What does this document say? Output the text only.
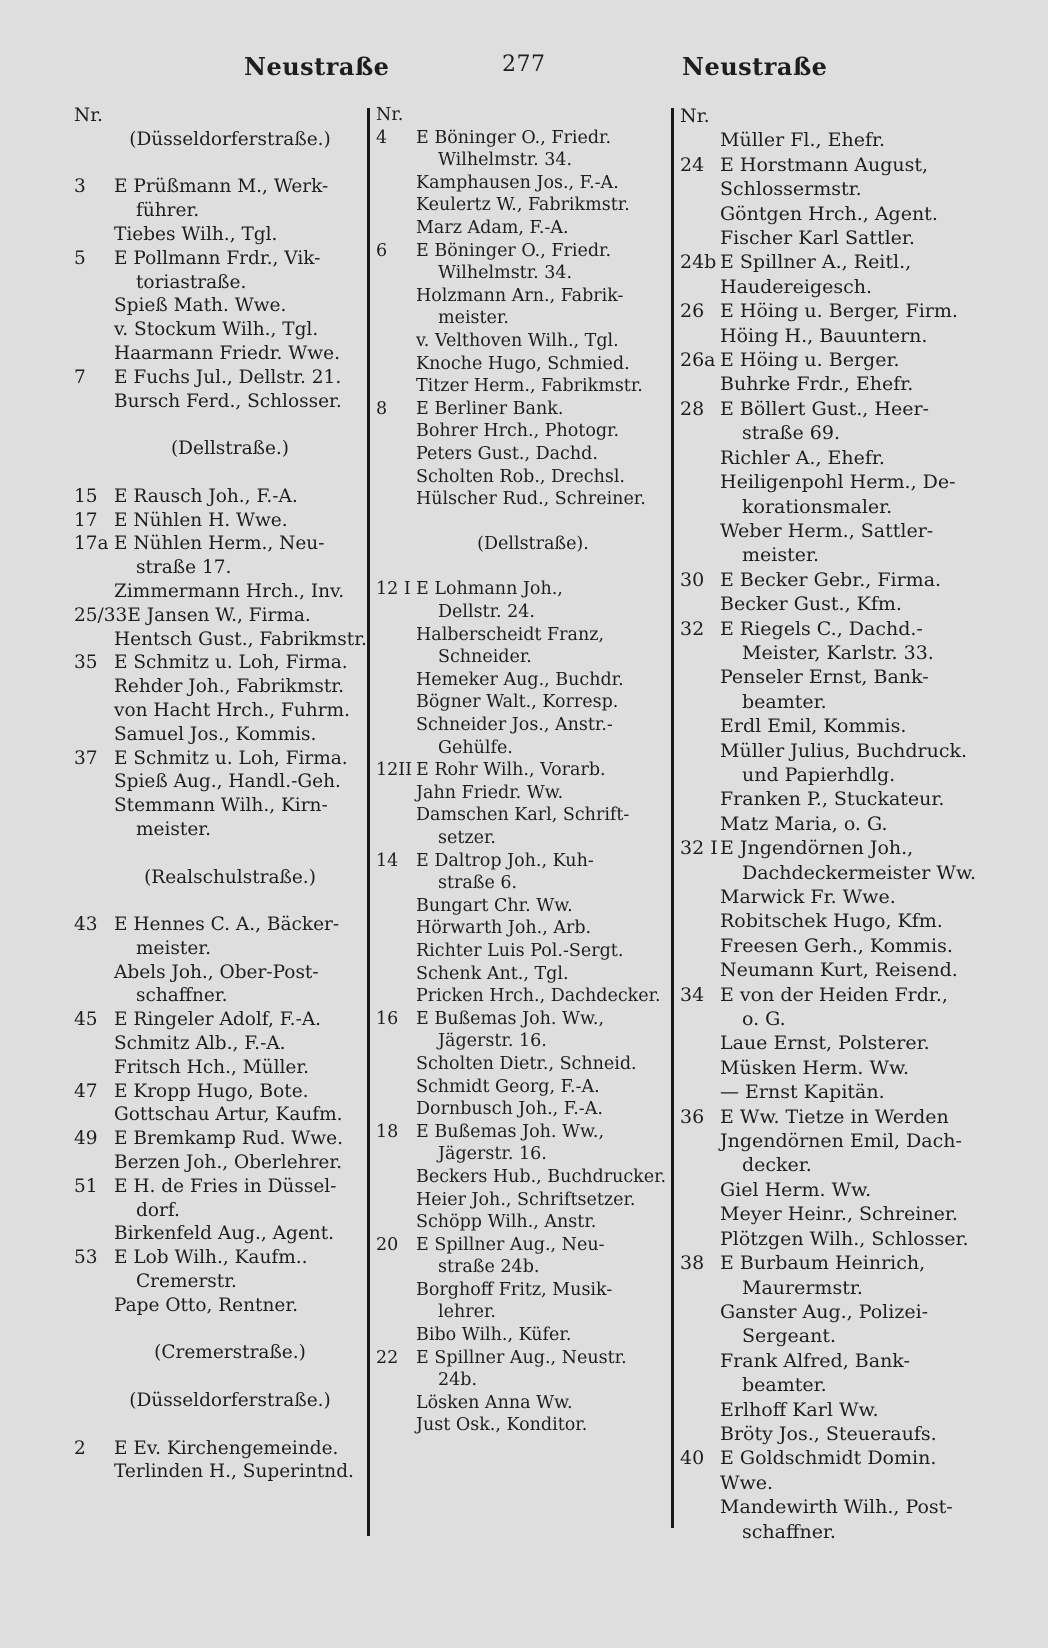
Neustraße	277	Neustraße
Nr.
(Düsseldorferstraße.)
3 E Prüßmann M., Werk-
führer.
Tiebes Wilh., Tgl.
5 E Pollmann Frdr., Vik-
toriastraße.
Spieß Math. Wwe.
v. Stockum Wilh., Tgl.
Haarmann Friedr. Wwe.
7 E Fuchs Jul., Dellstr. 21.
Bursch Ferd., Schlosser.
(Dellstraße.)
15 E Rausch Joh., F.-A.
17 E Nühlen H. Wwe.
17a E Nühlen Herm., Neu-
straße 17.
Zimmermann Hrch., Inv.
25/33E Jansen W., Firma.
Hentsch Gust., Fabrikmstr.
35 E Schmitz u. Loh, Firma.
Rehder Joh., Fabrikmstr.
von Hacht Hrch., Fuhrm.
Samuel Jos., Kommis.
37 E Schmitz u. Loh, Firma.
Spieß Aug., Handl.-Geh.
Stemmann Wilh., Kirn-
meister.
(Realschulstraße.)
43 E Hennes C. A., Bäcker-
meister.
Abels Joh., Ober-Post-
schaffner.
45 E Ringeler Adolf, F.-A.
Schmitz Alb., F.-A.
Fritsch Hch., Müller.
47 E Kropp Hugo, Bote.
Gottschau Artur, Kaufm.
49 E Bremkamp Rud. Wwe.
Berzen Joh., Oberlehrer.
51 E H. de Fries in Düssel-
dorf.
Birkenfeld Aug., Agent.
53 E Lob Wilh., Kaufm..
Cremerstr.
Pape Otto, Rentner.
(Cremerstraße.)
(Düsseldorferstraße.)
2 E Ev. Kirchengemeinde.
Terlinden H., Superintnd.
Nr.
4 E Böninger O., Friedr.
Wilhelmstr. 34.
Kamphausen Jos., F.-A.
Keulertz W., Fabrikmstr.
Marz Adam, F.-A.
6 E Böninger O., Friedr.
Wilhelmstr. 34.
Holzmann Arn., Fabrik-
meister.
v. Velthoven Wilh., Tgl.
Knoche Hugo, Schmied.
Titzer Herm., Fabrikmstr.
8 E Berliner Bank.
Bohrer Hrch., Photogr.
Peters Gust., Dachd.
Scholten Rob., Drechsl.
Hülscher Rud., Schreiner.
(Dellstraße).
12 I E Lohmann Joh.,
Dellstr. 24.
Halberscheidt Franz,
Schneider.
Hemeker Aug., Buchdr.
Bögner Walt., Korresp.
Schneider Jos., Anstr.-
Gehülfe.
12II E Rohr Wilh., Vorarb.
Jahn Friedr. Ww.
Damschen Karl, Schrift-
setzer.
14 E Daltrop Joh., Kuh-
straße 6.
Bungart Chr. Ww.
Hörwarth Joh., Arb.
Richter Luis Pol.-Sergt.
Schenk Ant., Tgl.
Pricken Hrch., Dachdecker.
16 E Bußemas Joh. Ww.,
Jägerstr. 16.
Scholten Dietr., Schneid.
Schmidt Georg, F.-A.
Dornbusch Joh., F.-A.
18 E Bußemas Joh. Ww.,
Jägerstr. 16.
Beckers Hub., Buchdrucker.
Heier Joh., Schriftsetzer.
Schöpp Wilh., Anstr.
20 E Spillner Aug., Neu-
straße 24b.
Borghoff Fritz, Musik-
lehrer.
Bibo Wilh., Küfer.
22 E Spillner Aug., Neustr.
24b.
Lösken Anna Ww.
Just Osk., Konditor.
Nr.
Müller Fl., Ehefr.
24 E Horstmann August,
Schlossermstr.
Göntgen Hrch., Agent.
Fischer Karl Sattler.
24b E Spillner A., Reitl.,
Haudereigesch.
26 E Höing u. Berger, Firm.
Höing H., Bauuntern.
26a E Höing u. Berger.
Buhrke Frdr., Ehefr.
28 E Böllert Gust., Heer-
straße 69.
Richler A., Ehefr.
Heiligenpohl Herm., De-
korationsmaler.
Weber Herm., Sattler-
meister.
30 E Becker Gebr., Firma.
Becker Gust., Kfm.
32 E Riegels C., Dachd.-
Meister, Karlstr. 33.
Penseler Ernst, Bank-
beamter.
Erdl Emil, Kommis.
Müller Julius, Buchdruck.
und Papierhdlg.
Franken P., Stuckateur.
Matz Maria, o. G.
32 I E Jngendörnen Joh.,
Dachdeckermeister Ww.
Marwick Fr. Wwe.
Robitschek Hugo, Kfm.
Freesen Gerh., Kommis.
Neumann Kurt, Reisend.
34 E von der Heiden Frdr.,
o. G.
Laue Ernst, Polsterer.
Müsken Herm. Ww.
— Ernst Kapitän.
36 E Ww. Tietze in Werden
Jngendörnen Emil, Dach-
decker.
Giel Herm. Ww.
Meyer Heinr., Schreiner.
Plötzgen Wilh., Schlosser.
38 E Burbaum Heinrich,
Maurermstr.
Ganster Aug., Polizei-
Sergeant.
Frank Alfred, Bank-
beamter.
Erlhoff Karl Ww.
Bröty Jos., Steueraufs.
40 E Goldschmidt Domin.
Wwe.
Mandewirth Wilh., Post-
schaffner.
